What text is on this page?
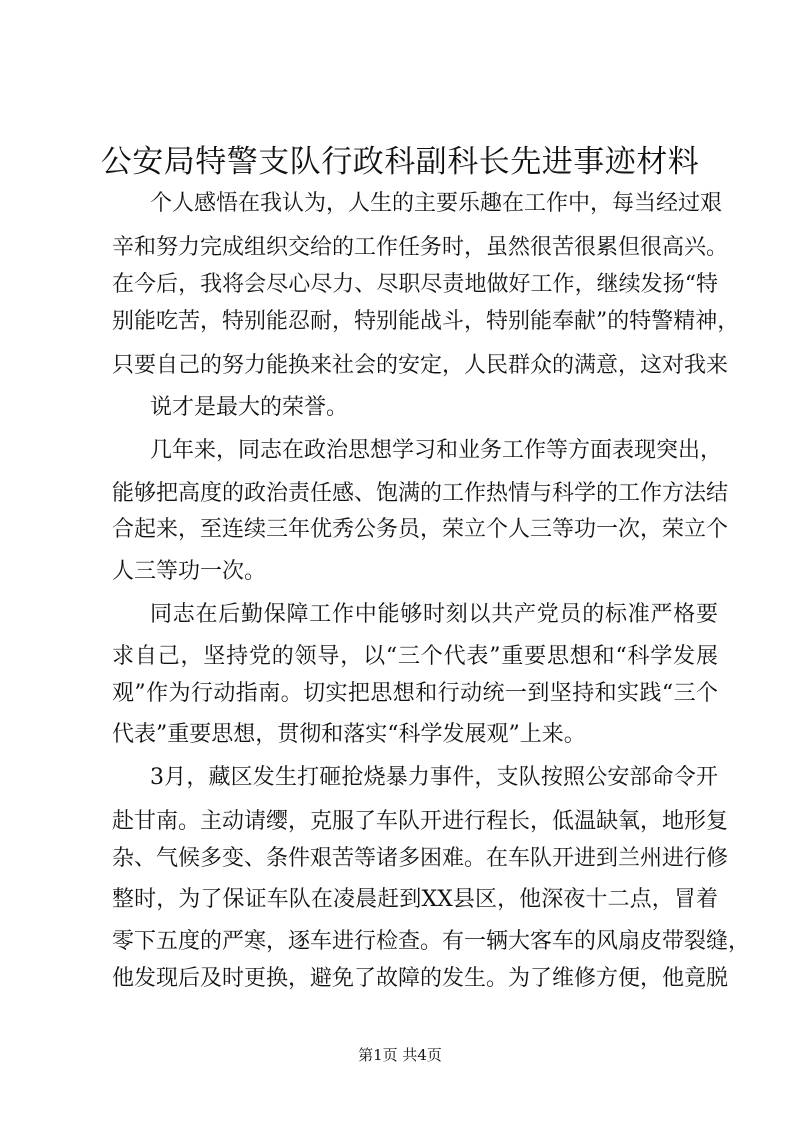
公安局特警支队行政科副科长先进事迹材料
个人感悟在我认为，人生的主要乐趣在工作中，每当经过艰
辛和努力完成组织交给的工作任务时，虽然很苦很累但很高兴。
在今后，我将会尽心尽力、尽职尽责地做好工作，继续发扬“特
别能吃苦，特别能忍耐，特别能战斗，特别能奉献”的特警精神，
只要自己的努力能换来社会的安定，人民群众的满意，这对我来
说才是最大的荣誉。
几年来，同志在政治思想学习和业务工作等方面表现突出，
能够把高度的政治责任感、饱满的工作热情与科学的工作方法结
合起来，至连续三年优秀公务员，荣立个人三等功一次，荣立个
人三等功一次。
同志在后勤保障工作中能够时刻以共产党员的标准严格要
求自己，坚持党的领导，以“三个代表”重要思想和“科学发展
观”作为行动指南。切实把思想和行动统一到坚持和实践“三个
代表”重要思想，贯彻和落实“科学发展观”上来。
3月，藏区发生打砸抢烧暴力事件，支队按照公安部命令开
赴甘南。主动请缨，克服了车队开进行程长，低温缺氧，地形复
杂、气候多变、条件艰苦等诸多困难。在车队开进到兰州进行修
整时，为了保证车队在凌晨赶到XX县区，他深夜十二点，冒着
零下五度的严寒，逐车进行检查。有一辆大客车的风扇皮带裂缝，
他发现后及时更换，避免了故障的发生。为了维修方便，他竟脱
第1页 共4页
